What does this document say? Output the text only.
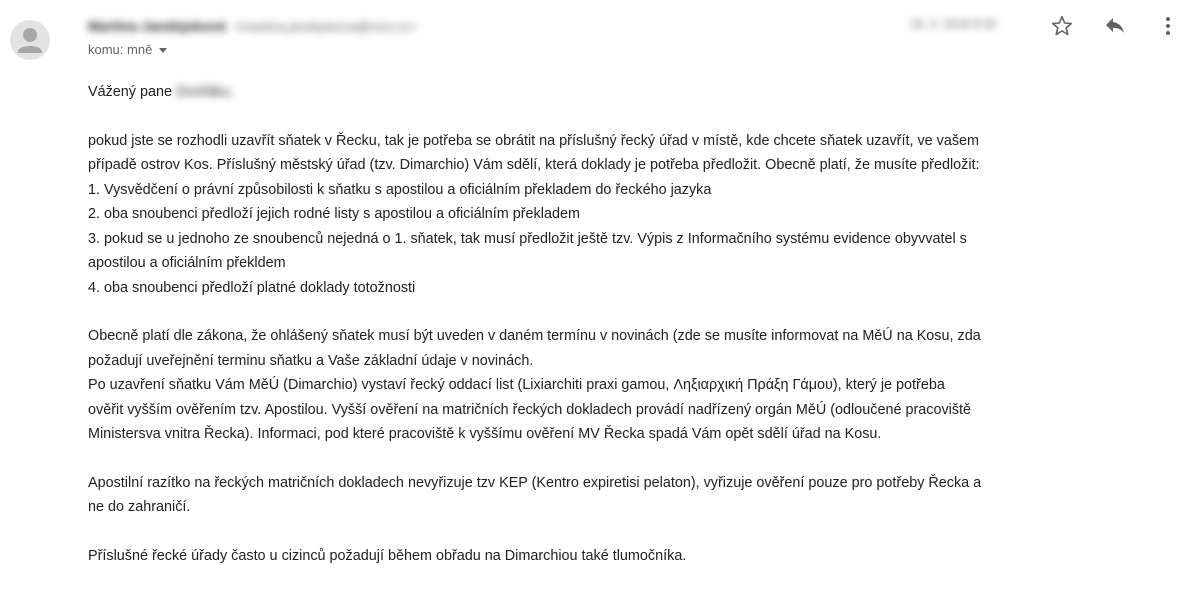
Martina Jandejsková <martina.jandejskova@mzv.cz>
komu: mně
18. 4. 2018 8:32

Vážený pane Dvořáku,

pokud jste se rozhodli uzavřít sňatek v Řecku, tak je potřeba se obrátit na příslušný řecký úřad v místě, kde chcete sňatek uzavřít, ve vašem

případě ostrov Kos. Příslušný městský úřad (tzv. Dimarchio) Vám sdělí, která doklady je potřeba předložit. Obecně platí, že musíte předložit:

1. Vysvědčení o právní způsobilosti k sňatku s apostilou a oficiálním překladem do řeckého jazyka

2. oba snoubenci předloží jejich rodné listy s apostilou a oficiálním překladem

3. pokud se u jednoho ze snoubenců nejedná o 1. sňatek, tak musí předložit ještě tzv. Výpis z Informačního systému evidence obyvvatel s

apostilou a oficiálním překldem

4. oba snoubenci předloží platné doklady totožnosti

Obecně platí dle zákona, že ohlášený sňatek musí být uveden v daném termínu v novinách (zde se musíte informovat na MěÚ na Kosu, zda

požadují uveřejnění terminu sňatku a Vaše základní údaje v novinách.

Po uzavření sňatku Vám MěÚ (Dimarchio) vystaví řecký oddací list (Lixiarchiti praxi gamou, Ληξιαρχική Πράξη Γάμου), který je potřeba

ověřit vyšším ověřením tzv. Apostilou. Vyšší ověření na matričních řeckých dokladech provádí nadřízený orgán MěÚ (odloučené pracoviště

Ministersva vnitra Řecka). Informaci, pod které pracoviště k vyššímu ověření MV Řecka spadá Vám opět sdělí úřad na Kosu.

Apostilní razítko na řeckých matričních dokladech nevyřizuje tzv KEP (Kentro expiretisi pelaton), vyřizuje ověření pouze pro potřeby Řecka a

ne do zahraničí.

Příslušné řecké úřady často u cizinců požadují během obřadu na Dimarchiou také tlumočníka.
